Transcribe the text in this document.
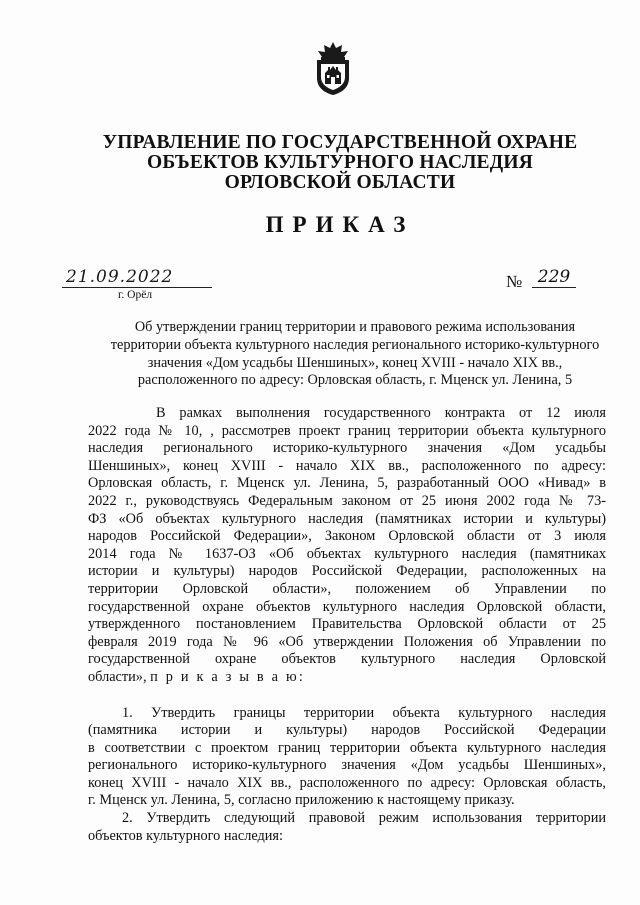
УПРАВЛЕНИЕ ПО ГОСУДАРСТВЕННОЙ ОХРАНЕ
ОБЪЕКТОВ КУЛЬТУРНОГО НАСЛЕДИЯ
ОРЛОВСКОЙ ОБЛАСТИ
ПРИКАЗ
21.09.2022
г. Орёл
№ 229
Об утверждении границ территории и правового режима использования
территории объекта культурного наследия регионального историко-культурного
значения «Дом усадьбы Шеншиных», конец XVIII - начало XIX вв.,
расположенного по адресу: Орловская область, г. Мценск ул. Ленина, 5
В рамках выполнения государственного контракта от 12 июля
2022 года № 10, , рассмотрев проект границ территории объекта культурного
наследия регионального историко-культурного значения «Дом усадьбы
Шеншиных», конец XVIII - начало XIX вв., расположенного по адресу:
Орловская область, г. Мценск ул. Ленина, 5, разработанный ООО «Нивад» в
2022 г., руководствуясь Федеральным законом от 25 июня 2002 года № 73-
ФЗ «Об объектах культурного наследия (памятниках истории и культуры)
народов Российской Федерации», Законом Орловской области от 3 июля
2014 года № 1637-ОЗ «Об объектах культурного наследия (памятниках
истории и культуры) народов Российской Федерации, расположенных на
территории Орловской области», положением об Управлении по
государственной охране объектов культурного наследия Орловской области,
утвержденного постановлением Правительства Орловской области от 25
февраля 2019 года № 96 «Об утверждении Положения об Управлении по
государственной охране объектов культурного наследия Орловской
области», п р и к а з ы в а ю:
1. Утвердить границы территории объекта культурного наследия
(памятника истории и культуры) народов Российской Федерации
в соответствии с проектом границ территории объекта культурного наследия
регионального историко-культурного значения «Дом усадьбы Шеншиных»,
конец XVIII - начало XIX вв., расположенного по адресу: Орловская область,
г. Мценск ул. Ленина, 5, согласно приложению к настоящему приказу.
2. Утвердить следующий правовой режим использования территории
объектов культурного наследия:
